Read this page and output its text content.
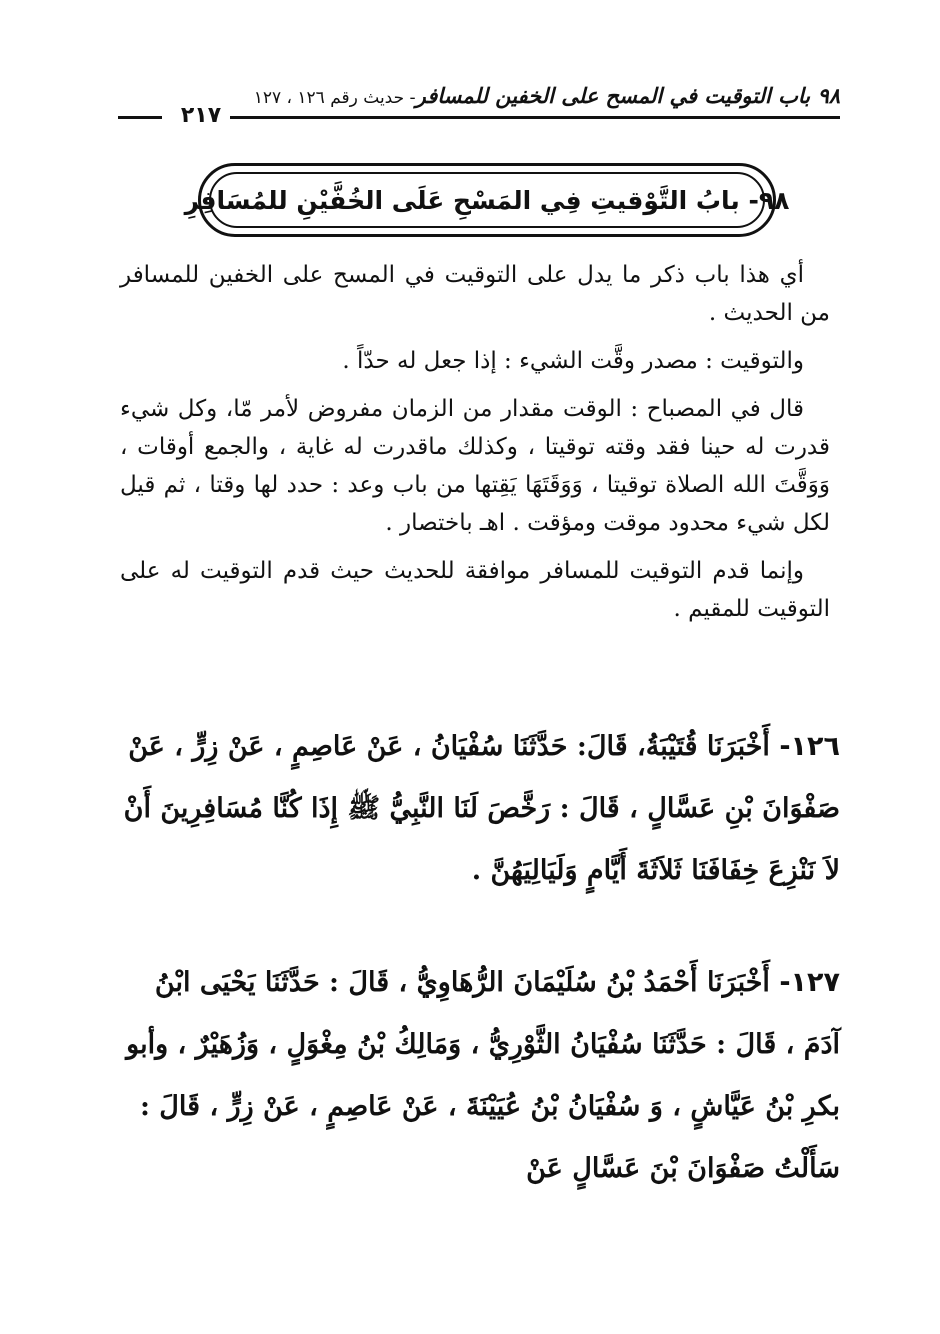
٩٨ باب التوقيت في المسح على الخفين للمسافر- حديث رقم ١٢٦ ، ١٢٧
٢١٧
٩٨- بابُ التَّوْقيتِ فِي المَسْحِ عَلَى الخُفَّيْنِ للمُسَافِرِ

أي هذا باب ذكر ما يدل على التوقيت في المسح على الخفين للمسافر من الحديث .

والتوقيت : مصدر وقَّت الشيء : إذا جعل له حدّاً .

قال في المصباح : الوقت مقدار من الزمان مفروض لأمر مّا، وكل شيء قدرت له حينا فقد وقته توقيتا ، وكذلك ماقدرت له غاية ، والجمع أوقات ، وَوَقَّتَ الله الصلاة توقيتا ، وَوَقَتَهَا يَقِتها من باب وعد : حدد لها وقتا ، ثم قيل لكل شيء محدود موقت ومؤقت . اهـ باختصار .

وإنما قدم التوقيت للمسافر موافقة للحديث حيث قدم التوقيت له على التوقيت للمقيم .

١٢٦- أَخْبَرَنَا قُتَيْبَةُ، قَالَ: حَدَّثَنَا سُفْيَانُ ، عَنْ عَاصِمٍ ، عَنْ زِرٍّ ، عَنْ صَفْوَانَ بْنِ عَسَّالٍ ، قَالَ : رَخَّصَ لَنَا النَّبِيُّ ﷺ إِذَا كُنَّا مُسَافِرِينَ أَنْ لاَ نَنْزِعَ خِفَافَنَا ثَلاَثَةَ أَيَّامٍ وَلَيَالِيَهُنَّ .

١٢٧- أَخْبَرَنَا أَحْمَدُ بْنُ سُلَيْمَانَ الرُّهَاوِيُّ ، قَالَ : حَدَّثَنَا يَحْيَى ابْنُ آدَمَ ، قَالَ : حَدَّثَنَا سُفْيَانُ الثَّوْرِيُّ ، وَمَالِكُ بْنُ مِغْوَلٍ ، وَزُهَيْرٌ ، وأبو بكرِ بْنُ عَيَّاشٍ ، وَ سُفْيَانُ بْنُ عُيَيْنَةَ ، عَنْ عَاصِمٍ ، عَنْ زِرٍّ ، قَالَ : سَأَلْتُ صَفْوَانَ بْنَ عَسَّالٍ عَنْ
